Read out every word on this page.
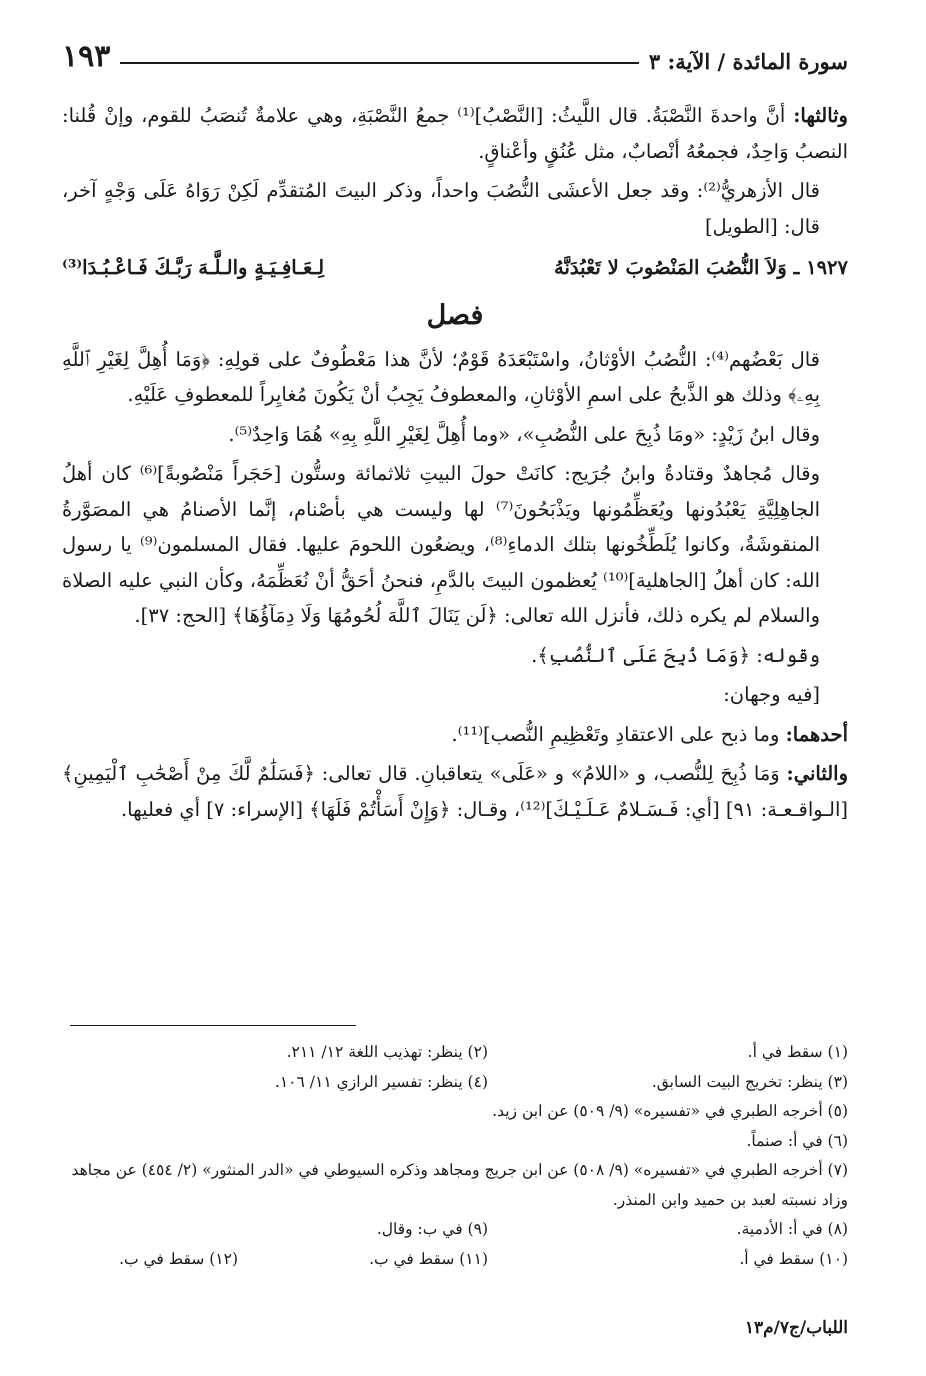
سورة المائدة / الآية: ٣
١٩٣

وثالثها: أنَّ واحدةَ النَّصْبَةُ. قال اللَّيثُ: [النَّصْبُ]⁽¹⁾ جمعُ النَّصْبَةِ، وهي علامةٌ تُنصَبُ للقوم، وإنْ قُلنا: النصبُ وَاحِدٌ، فجمعُهُ أنْصابٌ، مثل عُنُقٍ وأعْناقٍ.

قال الأزهريُّ⁽²⁾: وقد جعل الأعشَى النُّصُبَ واحداً، وذكر البيتَ المُتقدِّم لَكِنْ رَوَاهُ عَلَى وَجْهٍ آخر، قال: [الطويل]

١٩٢٧ ـ وَلاَ النُّصُبَ المَنْصُوبَ لا تَعْبُدَنَّهُ
لِـعَـافِـيَـةٍ والـلَّـهَ رَبَّـكَ فَـاعْـبُـدَا⁽³⁾
فصل

قال بَعْضُهم⁽⁴⁾: النُّصُبُ الأوْثانُ، واسْتَبْعَدَهُ قَوْمٌ؛ لأنَّ هذا مَعْطُوفٌ على قولِهِ: ﴿وَمَا أُهِلَّ لِغَيْرِ ٱللَّهِ بِهِۦ﴾ وذلك هو الذَّبحُ على اسمِ الأوْثانِ، والمعطوفُ يَجِبُ أنْ يَكُونَ مُغايِراً للمعطوفِ عَلَيْهِ.

وقال ابنُ زَيْدٍ: «ومَا ذُبِحَ على النُّصُبِ»، «وما أُهِلَّ لِغَيْرِ اللَّهِ بِهِ» هُمَا وَاحِدٌ⁽⁵⁾.

وقال مُجاهدٌ وقتادةُ وابنُ جُرَيج: كانَتْ حولَ البيتِ ثلاثمائة وستُّون [حَجَراً مَنْصُوبةً]⁽⁶⁾ كان أهلُ الجاهِلِيَّةِ يَعْبُدُونها ويُعَظِّمُونها ويَذْبَحُونَ⁽⁷⁾ لها وليست هي بأصْنام، إنَّما الأصنامُ هي المصَوَّرةُ المنقوشَةُ، وكانوا يُلَطِّخُونها بتلك الدماءِ⁽⁸⁾، ويضعُون اللحومَ عليها. فقال المسلمون⁽⁹⁾ يا رسول الله: كان أهلُ [الجاهلية]⁽¹⁰⁾ يُعظمون البيتَ بالدَّمِ، فنحنُ أحَقُّ أنْ نُعَظِّمَهُ، وكأن النبي عليه الصلاة والسلام لم يكره ذلك، فأنزل الله تعالى: ﴿لَن يَنَالَ ٱللَّهَ لُحُومُهَا وَلَا دِمَآؤُهَا﴾ [الحج: ٣٧].

وقوله: ﴿وَمَا ذُبِحَ عَلَى ٱلنُّصُبِ﴾.

[فيه وجهان:

أحدهما: وما ذبح على الاعتقادِ وتَعْظِيمِ النُّصب]⁽¹¹⁾.

والثاني: وَمَا ذُبِحَ لِلنُّصب، و «اللامُ» و «عَلَى» يتعاقبانِ. قال تعالى: ﴿فَسَلَٰمٌ لَّكَ مِنْ أَصْحَٰبِ ٱلْيَمِينِ﴾ [الـواقـعـة: ٩١] [أي: فَـسَـلامٌ عَـلَـيْـكَ]⁽¹²⁾، وقـال: ﴿وَإِنْ أَسَأْتُمْ فَلَهَا﴾ [الإسراء: ٧] أي فعليها.

(١) سقط في أ.
(٢) ينظر: تهذيب اللغة ١٢/ ٢١١.
(٣) ينظر: تخريج البيت السابق.
(٤) ينظر: تفسير الرازي ١١/ ١٠٦.
(٥) أخرجه الطبري في «تفسيره» (٩/ ٥٠٩) عن ابن زيد.
(٦) في أ: صنماً.
(٧) أخرجه الطبري في «تفسيره» (٩/ ٥٠٨) عن ابن جريج ومجاهد وذكره السيوطي في «الدر المنثور» (٢/ ٤٥٤) عن مجاهد وزاد نسبته لعبد بن حميد وابن المنذر.
(٨) في أ: الأدمية.
(٩) في ب: وقال.
(١٠) سقط في أ.
(١١) سقط في ب.
(١٢) سقط في ب.
اللباب/ج٧/م١٣
